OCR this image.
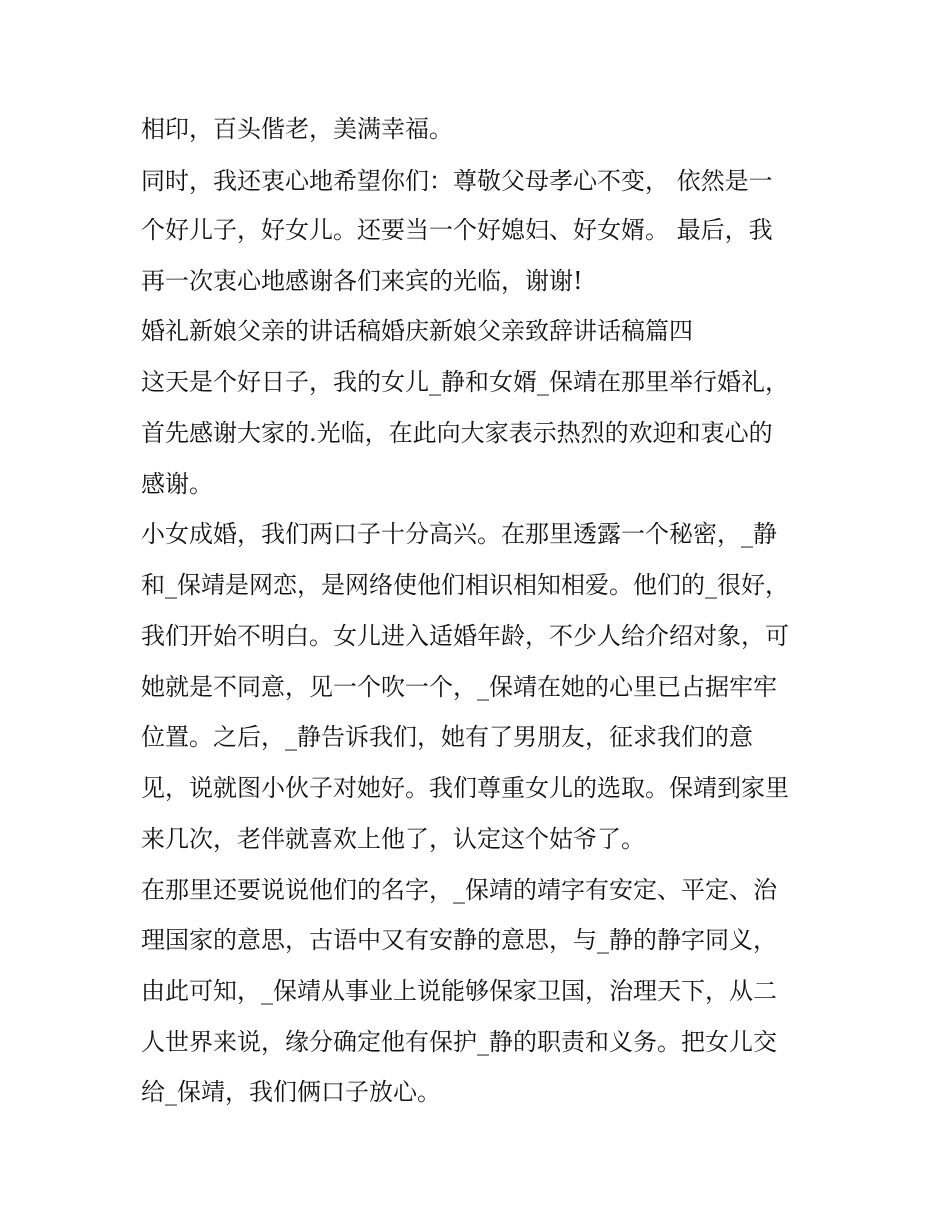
相印，百头偕老，美满幸福。
同时，我还衷心地希望你们：尊敬父母孝心不变， 依然是一
个好儿子，好女儿。还要当一个好媳妇、好女婿。 最后，我
再一次衷心地感谢各们来宾的光临，谢谢!
婚礼新娘父亲的讲话稿婚庆新娘父亲致辞讲话稿篇四
这天是个好日子，我的女儿_静和女婿_保靖在那里举行婚礼，
首先感谢大家的.光临，在此向大家表示热烈的欢迎和衷心的
感谢。
小女成婚，我们两口子十分高兴。在那里透露一个秘密，_静
和_保靖是网恋，是网络使他们相识相知相爱。他们的_很好，
我们开始不明白。女儿进入适婚年龄，不少人给介绍对象，可
她就是不同意，见一个吹一个，_保靖在她的心里已占据牢牢
位置。之后，_静告诉我们，她有了男朋友，征求我们的意
见，说就图小伙子对她好。我们尊重女儿的选取。保靖到家里
来几次，老伴就喜欢上他了，认定这个姑爷了。
在那里还要说说他们的名字，_保靖的靖字有安定、平定、治
理国家的意思，古语中又有安静的意思，与_静的静字同义，
由此可知，_保靖从事业上说能够保家卫国，治理天下，从二
人世界来说，缘分确定他有保护_静的职责和义务。把女儿交
给_保靖，我们俩口子放心。
